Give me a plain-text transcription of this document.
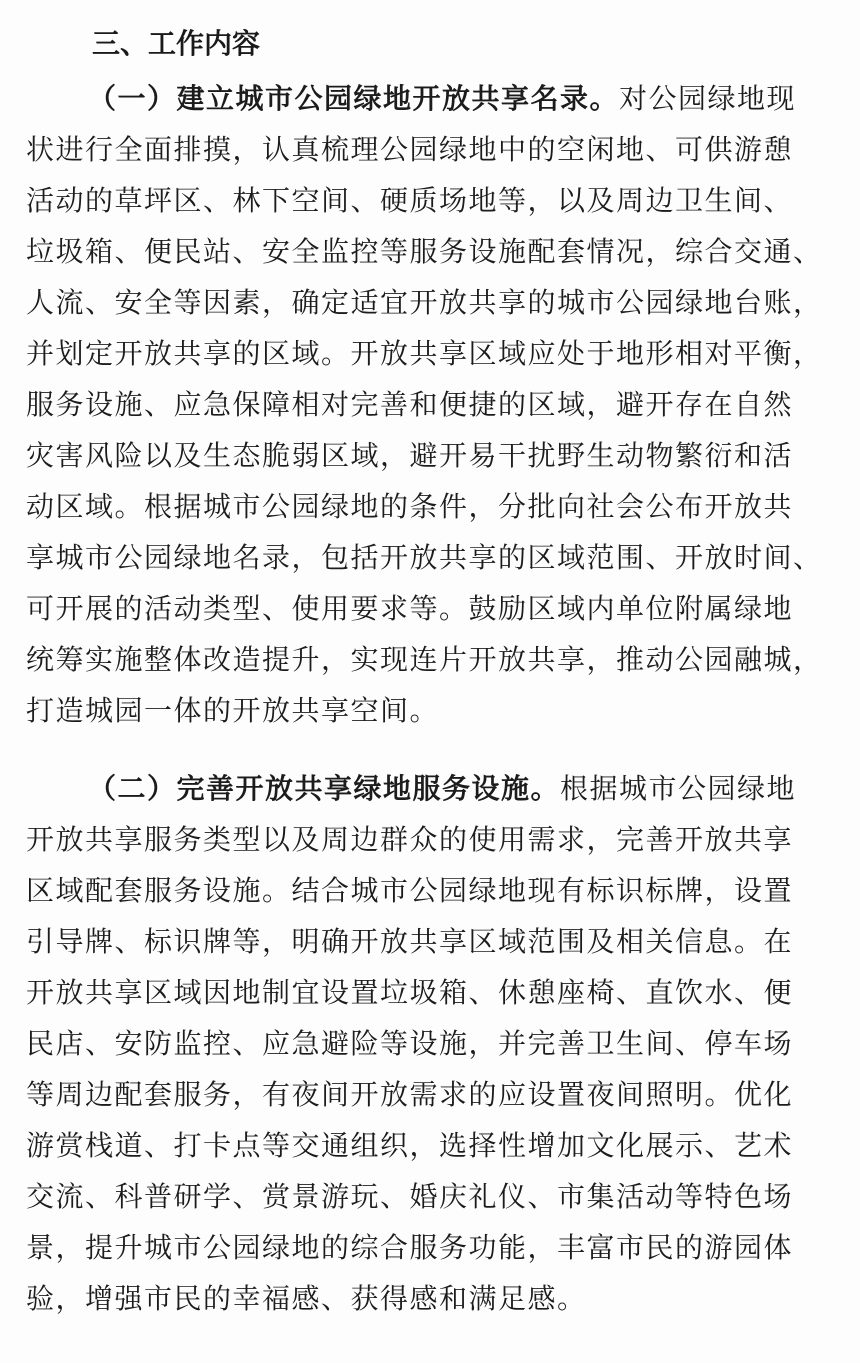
三、工作内容
（一）建立城市公园绿地开放共享名录。对公园绿地现
状进行全面排摸，认真梳理公园绿地中的空闲地、可供游憩
活动的草坪区、林下空间、硬质场地等，以及周边卫生间、
垃圾箱、便民站、安全监控等服务设施配套情况，综合交通、
人流、安全等因素，确定适宜开放共享的城市公园绿地台账，
并划定开放共享的区域。开放共享区域应处于地形相对平衡，
服务设施、应急保障相对完善和便捷的区域，避开存在自然
灾害风险以及生态脆弱区域，避开易干扰野生动物繁衍和活
动区域。根据城市公园绿地的条件，分批向社会公布开放共
享城市公园绿地名录，包括开放共享的区域范围、开放时间、
可开展的活动类型、使用要求等。鼓励区域内单位附属绿地
统筹实施整体改造提升，实现连片开放共享，推动公园融城，
打造城园一体的开放共享空间。
（二）完善开放共享绿地服务设施。根据城市公园绿地
开放共享服务类型以及周边群众的使用需求，完善开放共享
区域配套服务设施。结合城市公园绿地现有标识标牌，设置
引导牌、标识牌等，明确开放共享区域范围及相关信息。在
开放共享区域因地制宜设置垃圾箱、休憩座椅、直饮水、便
民店、安防监控、应急避险等设施，并完善卫生间、停车场
等周边配套服务，有夜间开放需求的应设置夜间照明。优化
游赏栈道、打卡点等交通组织，选择性增加文化展示、艺术
交流、科普研学、赏景游玩、婚庆礼仪、市集活动等特色场
景，提升城市公园绿地的综合服务功能，丰富市民的游园体
验，增强市民的幸福感、获得感和满足感。
